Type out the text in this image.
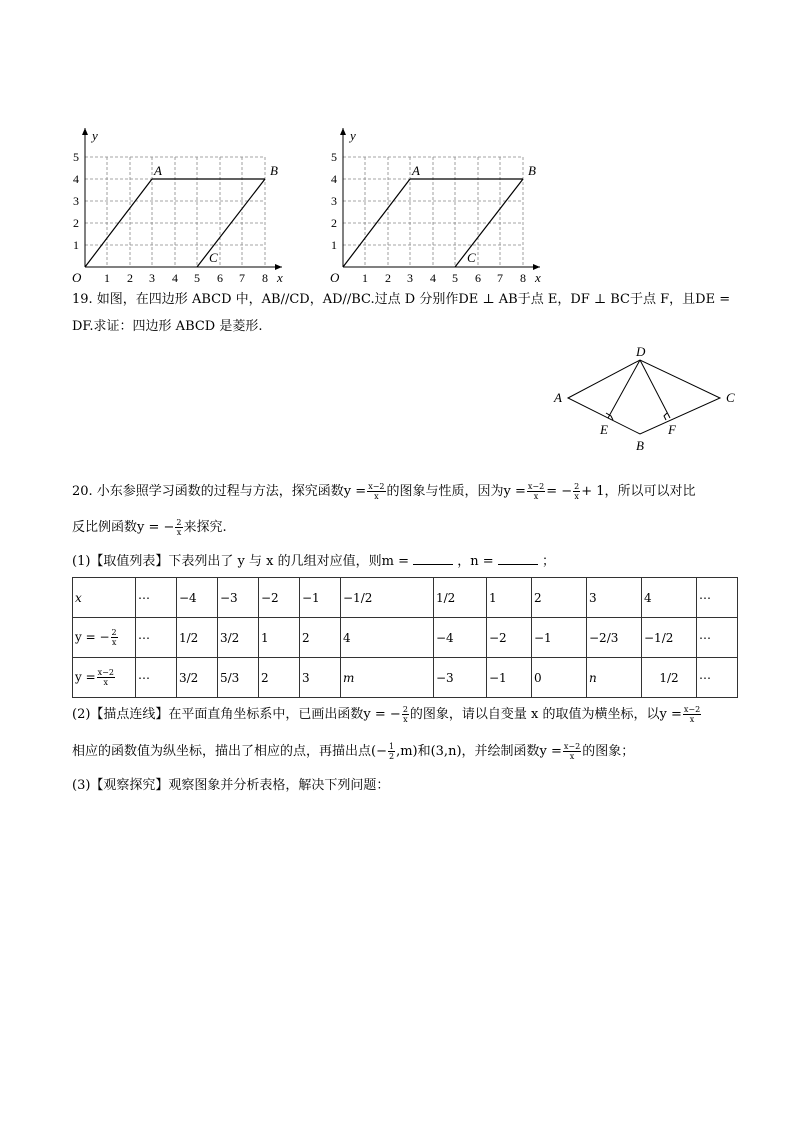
y
x
O 1 2 3 4 5 6 7 8
1
2
3
4
5
A	B
C
y
x
O 1 2 3 4 5 6 7 8
1
2
3
4
5
A	B
C
19. 如图，在四边形 ABCD 中，AB//CD，AD//BC.过点 D 分别作DE ⊥ AB于点 E，DF ⊥ BC于点 F，且DE =
DF.求证：四边形 ABCD 是菱形.
D
A	C
B
E	F
20. 小东参照学习函数的过程与方法，探究函数$y = \frac{x-2}{x}$ 的图象与性质，因为$y = \frac{x-2}{x}$ = − $\frac{2}{x} + 1$，所以可以对比
反比例函数y = − $\frac{2}{x}$ 来探究.
(1)【取值列表】下表列出了 y 与 x 的几组对应值，则m =	，n =	；
x	⋯	−4	−3	−2	−1	−1/2	1/2	1	2	3	4	⋯
y = − $\frac{2}{x}$	⋯	1/2	3/2	1	2	4	−4	−2	−1	−2/3	−1/2	⋯
$y = \frac{x-2}{x}$	⋯	3/2	5/3	2	3	m	−3	−1	0	n	1/2	⋯
(2)【描点连线】在平面直角坐标系中，已画出函数y = − $\frac{2}{x}$ 的图象，请以自变量 x 的取值为横坐标，以$y = \frac{x-2}{x}$
相应的函数值为纵坐标，描出了相应的点，再描出点(− $\frac{1}{2} ,m$)和(3,n)，并绘制函数$y = \frac{x-2}{x}$ 的图象；
(3)【观察探究】观察图象并分析表格，解决下列问题：
